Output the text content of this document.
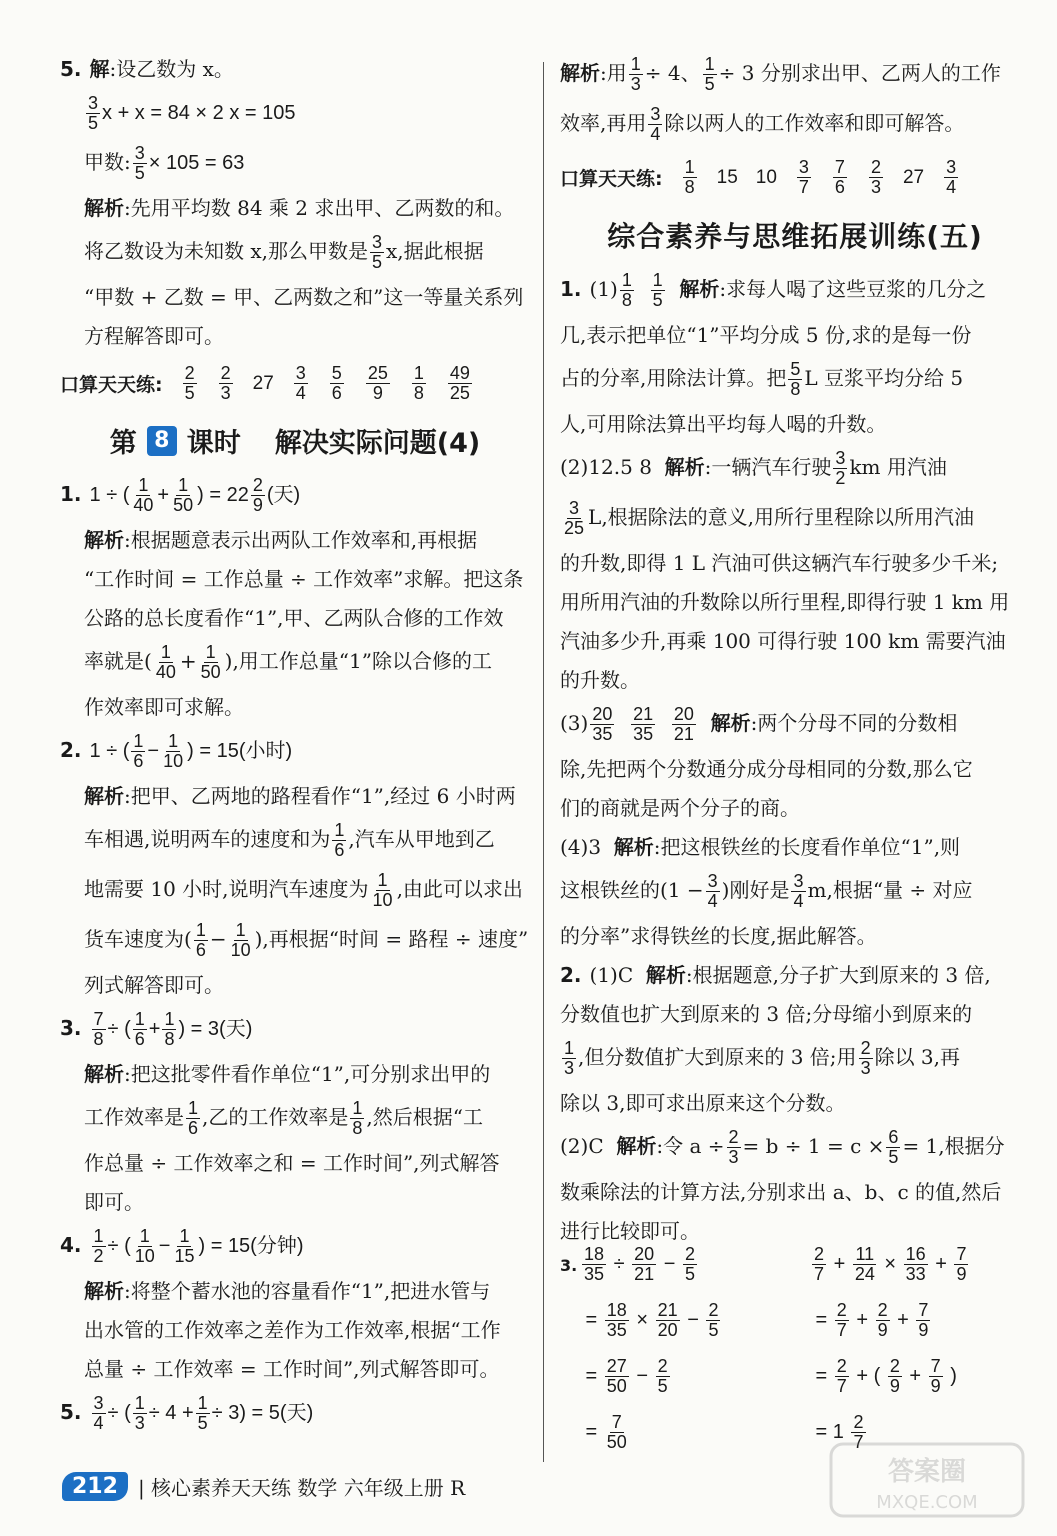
5. 解:设乙数为 x。
$\frac{3}{5}$ x + x = 84 × 2 x = 105
甲数: $\frac{3}{5} \times 105 = 63$
解析:先用平均数 84 乘 2 求出甲、乙两数的和。
将乙数设为未知数 x,那么甲数是 $\frac{3}{5} x$,据此根据
“甲数 + 乙数 = 甲、乙两数之和”这一等量关系列
方程解答即可。
口算天天练: $\frac{2}{5} \frac{2}{3} 27 \frac{3}{4} \frac{5}{6} \frac{25}{9} \frac{1}{8} \frac{49}{25}$
第 8 课时 解决实际问题(4)
1. 1 ÷ ( $\frac{1}{40} + \frac{1}{50}$ ) = $22 \frac{2}{9}$ (天)
解析:根据题意表示出两队工作效率和,再根据
“工作时间 = 工作总量 ÷ 工作效率”求解。把这条
公路的总长度看作“1”,甲、乙两队合修的工作效
率就是( $\frac{1}{40} + \frac{1}{50}$ ),用工作总量“1”除以合修的工
作效率即可求解。
2. 1 ÷ ( $\frac{1}{6} - \frac{1}{10}$ ) = 15(小时)
解析:把甲、乙两地的路程看作“1”,经过 6 小时两
车相遇,说明两车的速度和为 $\frac{1}{6}$ ,汽车从甲地到乙
地需要 10 小时,说明汽车速度为 $\frac{1}{10}$ ,由此可以求出
货车速度为( $\frac{1}{6} - \frac{1}{10}$ ),再根据“时间 = 路程 ÷ 速度”
列式解答即可。
3. $\frac{7}{8}$ ÷ ( $\frac{1}{6} + \frac{1}{8}$ ) = 3(天)
解析:把这批零件看作单位“1”,可分别求出甲的
工作效率是 $\frac{1}{6}$ ,乙的工作效率是 $\frac{1}{8}$ ,然后根据“工
作总量 ÷ 工作效率之和 = 工作时间”,列式解答
即可。
4. $\frac{1}{2}$ ÷ ( $\frac{1}{10} - \frac{1}{15}$ ) = 15(分钟)
解析:将整个蓄水池的容量看作“1”,把进水管与
出水管的工作效率之差作为工作效率,根据“工作
总量 ÷ 工作效率 = 工作时间”,列式解答即可。
5. $\frac{3}{4}$ ÷ ( $\frac{1}{3} \div 4 + \frac{1}{5} \div 3) = 5$(天)
解析:用 $\frac{1}{3} \div 4$、 $\frac{1}{5} \div 3$ 分别求出甲、乙两人的工作
效率,再用 $\frac{3}{4}$ 除以两人的工作效率和即可解答。
口算天天练: $\frac{1}{8} 15$ $10 \frac{3}{7} \frac{7}{6} \frac{2}{3} 27 \frac{3}{4}$
综合素养与思维拓展训练(五)
1. $(1) \frac{1}{8}$
$\frac{1}{5}$ 解析:求每人喝了这些豆浆的几分之
几,表示把单位“1”平均分成 5 份,求的是每一份
占的分率,用除法计算。把 $\frac{5}{8}$ L 豆浆平均分给 5
人,可用除法算出平均每人喝的升数。
(2)12.5 8 解析:一辆汽车行驶 $\frac{3}{2}$ km 用汽油
$\frac{3}{25} L$,根据除法的意义,用所行里程除以所用汽油
的升数,即得 1 L 汽油可供这辆汽车行驶多少千米;
用所用汽油的升数除以所行里程,即得行驶 1 km 用
汽油多少升,再乘 100 可得行驶 100 km 需要汽油
的升数。
$(3) \frac{20}{35}$
$\frac{21}{35}$
$\frac{20}{21}$ 解析:两个分母不同的分数相
除,先把两个分数通分成分母相同的分数,那么它
们的商就是两个分子的商。
(4)3 解析:把这根铁丝的长度看作单位“1”,则
这根铁丝的($1 - \frac{3}{4}$ )刚好是 $\frac{3}{4} m$,根据“量 ÷ 对应
的分率”求得铁丝的长度,据此解答。
2. (1)C 解析:根据题意,分子扩大到原来的 3 倍,
分数值也扩大到原来的 3 倍;分母缩小到原来的
$\frac{1}{3}$ ,但分数值扩大到原来的 3 倍;用 $\frac{2}{3}$ 除以 3,再
除以 3,即可求出原来这个分数。
(2)C 解析:令 $a \div \frac{2}{3} = b \div 1 = c \times \frac{6}{5} = 1$,根据分
数乘除法的计算方法,分别求出 a、b、c 的值,然后
进行比较即可。
3. $\frac{18}{35} \div \frac{20}{21} - \frac{2}{5}$	$\frac{2}{7} + \frac{11}{24} \times \frac{16}{33} + \frac{7}{9}$
= $\frac{18}{35} \times \frac{21}{20} - \frac{2}{5}$	= $\frac{2}{7} + \frac{2}{9} + \frac{7}{9}$
= $\frac{27}{50} - \frac{2}{5}$	= $\frac{2}{7}$ + ( $\frac{2}{9} + \frac{7}{9}$ )
= $\frac{7}{50}$	= $1 \frac{2}{7}$
212	| 核心素养天天练 数学 六年级上册 R
答案圈
MXQE.COM
